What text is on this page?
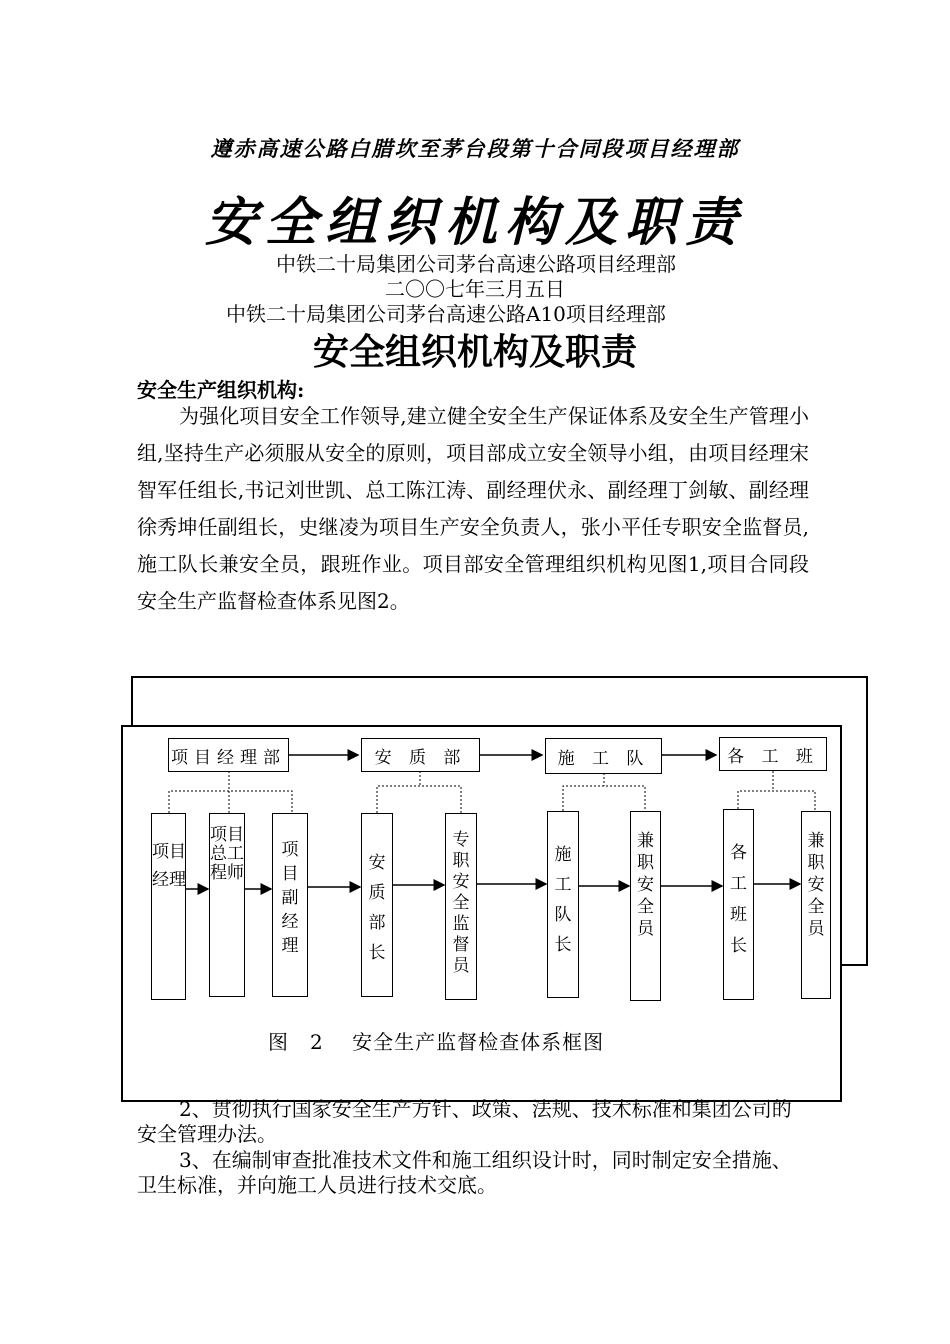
遵赤高速公路白腊坎至茅台段第十合同段项目经理部
安全组织机构及职责
中铁二十局集团公司茅台高速公路项目经理部
二〇〇七年三月五日
中铁二十局集团公司茅台高速公路A10项目经理部
安全组织机构及职责
安全生产组织机构:
为强化项目安全工作领导,建立健全安全生产保证体系及安全生产管理小组,坚持生产必须服从安全的原则，项目部成立安全领导小组，由项目经理宋智军任组长,书记刘世凯、总工陈江涛、副经理伏永、副经理丁剑敏、副经理徐秀坤任副组长，史继凌为项目生产安全负责人，张小平任专职安全监督员,施工队长兼安全员，跟班作业。项目部安全管理组织机构见图1,项目合同段安全生产监督检查体系见图2。
项目经理部	安 质 部	施 工 队	各 工 班
项目经理
项目总工程师
项目副经理
安质部长
专职安全监督员
施工队长
兼职安全员
各工班长
兼职安全员
图　2　 安全生产监督检查体系框图
2、贯彻执行国家安全生产方针、政策、法规、技术标准和集团公司的安全管理办法。
3、在编制审查批准技术文件和施工组织设计时，同时制定安全措施、卫生标准，并向施工人员进行技术交底。
